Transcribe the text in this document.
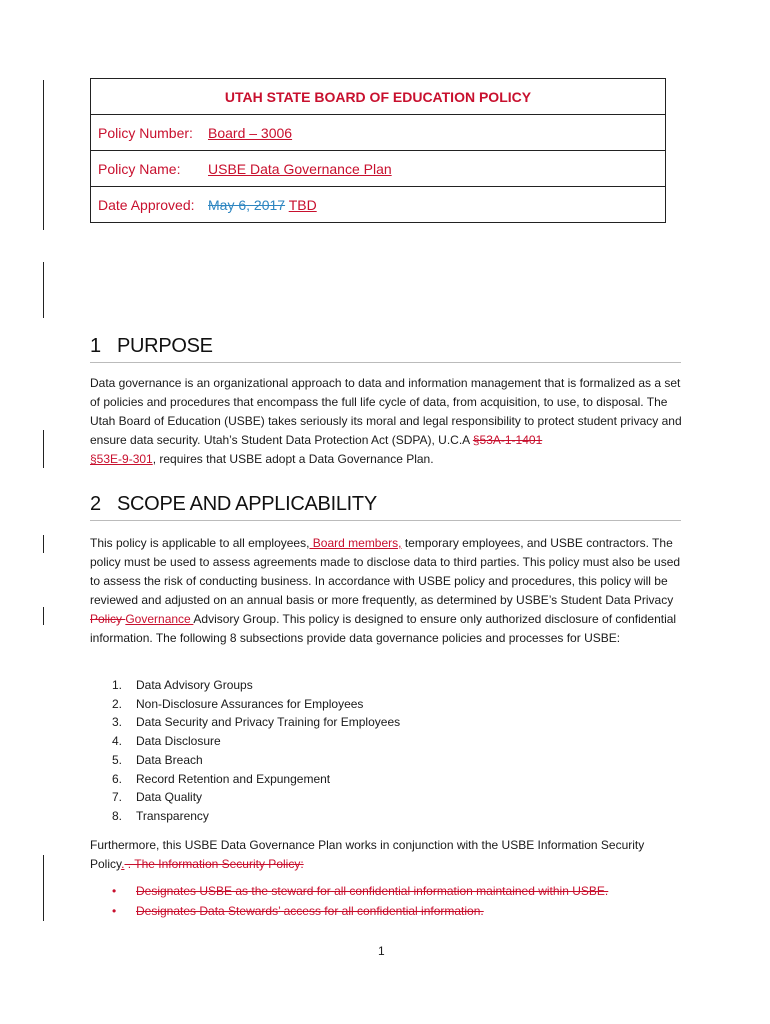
UTAH STATE BOARD OF EDUCATION POLICY
Policy Number: Board – 3006
Policy Name: USBE Data Governance Plan
Date Approved: May 6, 2017 TBD
1 PURPOSE

Data governance is an organizational approach to data and information management that is formalized as a set of policies and procedures that encompass the full life cycle of data, from acquisition, to use, to disposal. The Utah Board of Education (USBE) takes seriously its moral and legal responsibility to protect student privacy and ensure data security. Utah’s Student Data Protection Act (SDPA), U.C.A §53A-1-1401
§53E-9-301, requires that USBE adopt a Data Governance Plan.

2 SCOPE AND APPLICABILITY

This policy is applicable to all employees, Board members, temporary employees, and USBE contractors. The policy must be used to assess agreements made to disclose data to third parties. This policy must also be used to assess the risk of conducting business. In accordance with USBE policy and procedures, this policy will be reviewed and adjusted on an annual basis or more frequently, as determined by USBE’s Student Data Privacy Policy Governance Advisory Group. This policy is designed to ensure only authorized disclosure of confidential information. The following 8 subsections provide data governance policies and processes for USBE:

1. Data Advisory Groups
2. Non-Disclosure Assurances for Employees
3. Data Security and Privacy Training for Employees
4. Data Disclosure
5. Data Breach
6. Record Retention and Expungement
7. Data Quality
8. Transparency

Furthermore, this USBE Data Governance Plan works in conjunction with the USBE Information Security Policy. . The Information Security Policy:

• Designates USBE as the steward for all confidential information maintained within USBE.
• Designates Data Stewards’ access for all confidential information.
1
